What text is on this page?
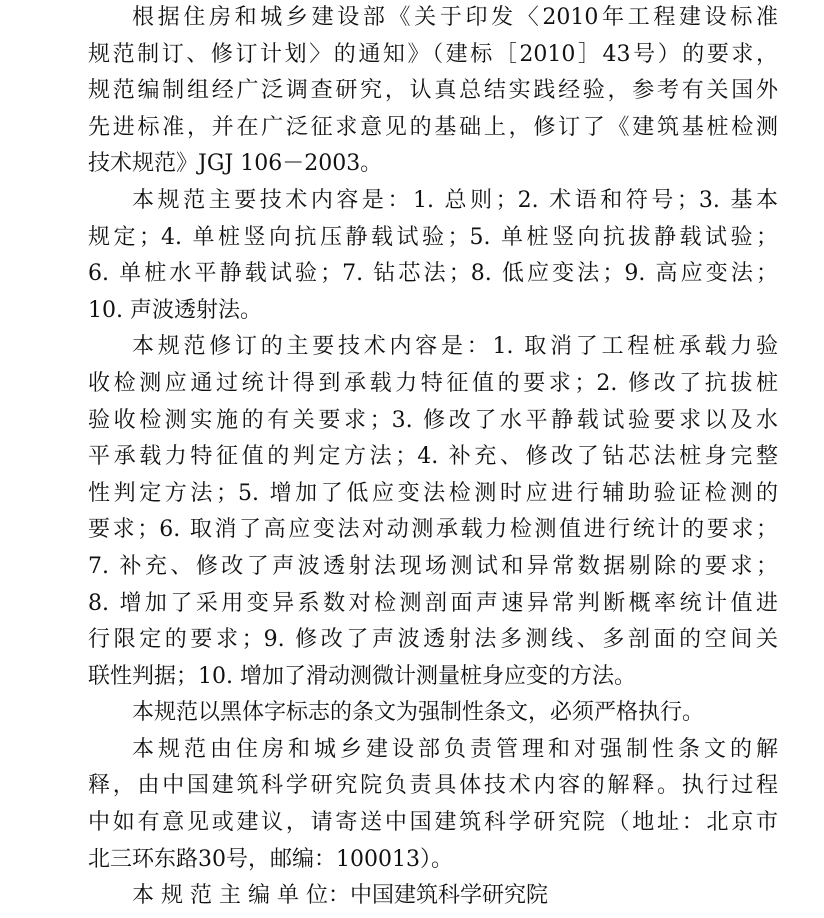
根据住房和城乡建设部《关于印发〈2010年工程建设标准
规范制订、修订计划〉的通知》（建标［2010］43号）的要求，
规范编制组经广泛调查研究，认真总结实践经验，参考有关国外
先进标准，并在广泛征求意见的基础上，修订了《建筑基桩检测
技术规范》JGJ 106－2003。
本规范主要技术内容是：1. 总则；2. 术语和符号；3. 基本
规定；4. 单桩竖向抗压静载试验；5. 单桩竖向抗拔静载试验；
6. 单桩水平静载试验；7. 钻芯法；8. 低应变法；9. 高应变法；
10. 声波透射法。
本规范修订的主要技术内容是：1. 取消了工程桩承载力验
收检测应通过统计得到承载力特征值的要求；2. 修改了抗拔桩
验收检测实施的有关要求；3. 修改了水平静载试验要求以及水
平承载力特征值的判定方法；4. 补充、修改了钻芯法桩身完整
性判定方法；5. 增加了低应变法检测时应进行辅助验证检测的
要求；6. 取消了高应变法对动测承载力检测值进行统计的要求；
7. 补充、修改了声波透射法现场测试和异常数据剔除的要求；
8. 增加了采用变异系数对检测剖面声速异常判断概率统计值进
行限定的要求；9. 修改了声波透射法多测线、多剖面的空间关
联性判据；10. 增加了滑动测微计测量桩身应变的方法。
本规范以黑体字标志的条文为强制性条文，必须严格执行。
本规范由住房和城乡建设部负责管理和对强制性条文的解
释，由中国建筑科学研究院负责具体技术内容的解释。执行过程
中如有意见或建议，请寄送中国建筑科学研究院（地址：北京市
北三环东路30号，邮编：100013）。
本 规 范 主 编 单 位：中国建筑科学研究院
